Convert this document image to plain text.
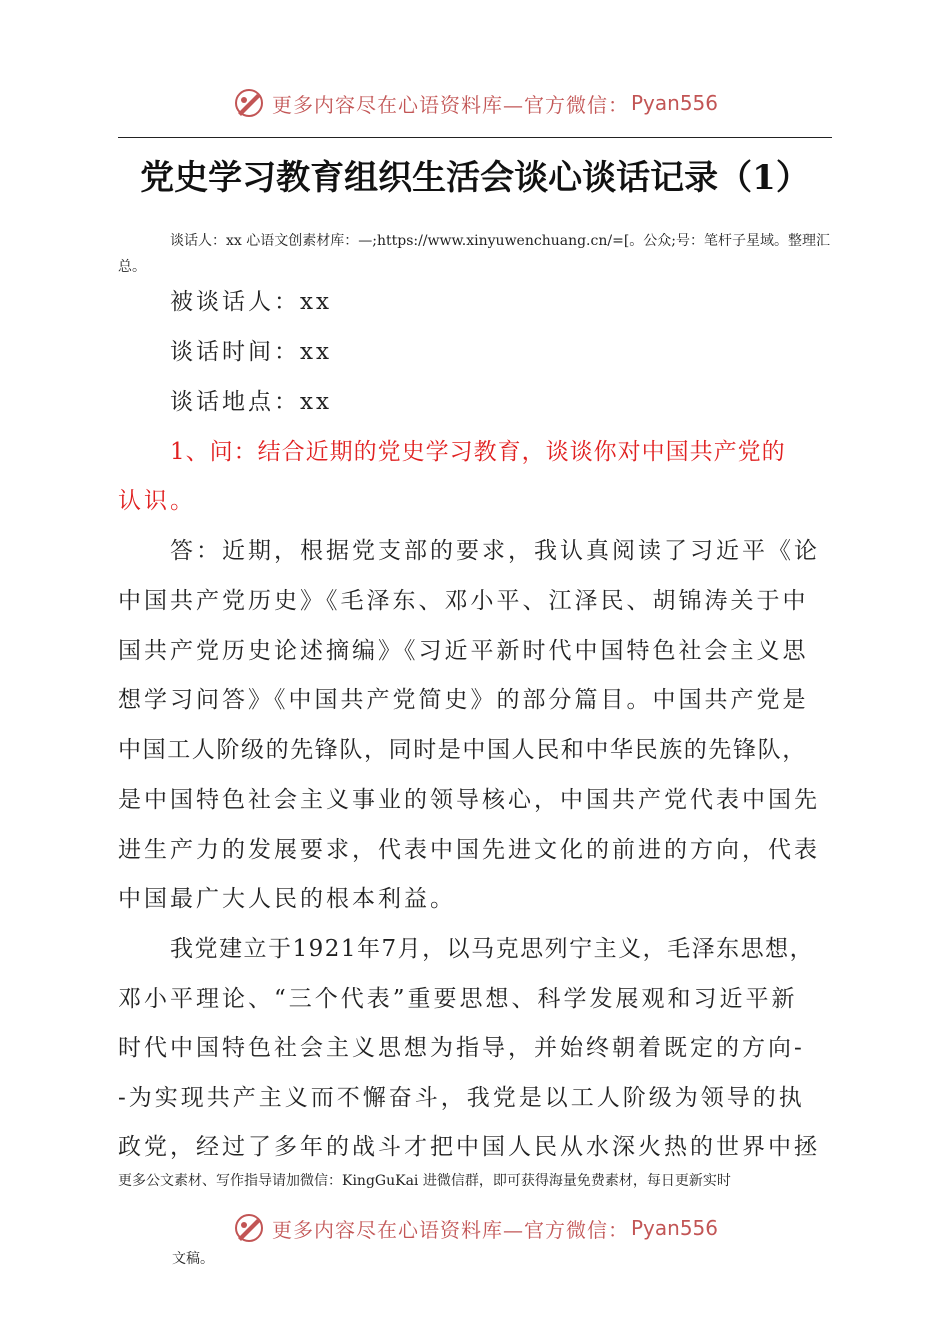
更多内容尽在心语资料库—官方微信： Pyan556
党史学习教育组织生活会谈心谈话记录（1）
谈话人：xx 心语文创素材库：—;https://www.xinyuwenchuang.cn/=[。公众;号：笔杆子星域。整理汇总。
被谈话人：xx
谈话时间：xx
谈话地点：xx
1、问：结合近期的党史学习教育，谈谈你对中国共产党的
认识。
答：近期，根据党支部的要求，我认真阅读了习近平《论
中国共产党历史》《毛泽东、邓小平、江泽民、胡锦涛关于中
国共产党历史论述摘编》《习近平新时代中国特色社会主义思
想学习问答》《中国共产党简史》的部分篇目。中国共产党是
中国工人阶级的先锋队，同时是中国人民和中华民族的先锋队，
是中国特色社会主义事业的领导核心，中国共产党代表中国先
进生产力的发展要求，代表中国先进文化的前进的方向，代表
中国最广大人民的根本利益。
我党建立于1921年7月，以马克思列宁主义，毛泽东思想，
邓小平理论、“三个代表”重要思想、科学发展观和习近平新
时代中国特色社会主义思想为指导，并始终朝着既定的方向-
-为实现共产主义而不懈奋斗，我党是以工人阶级为领导的执
政党，经过了多年的战斗才把中国人民从水深火热的世界中拯
更多公文素材、写作指导请加微信：KingGuKai 进微信群，即可获得海量免费素材，每日更新实时
更多内容尽在心语资料库—官方微信： Pyan556
文稿。
